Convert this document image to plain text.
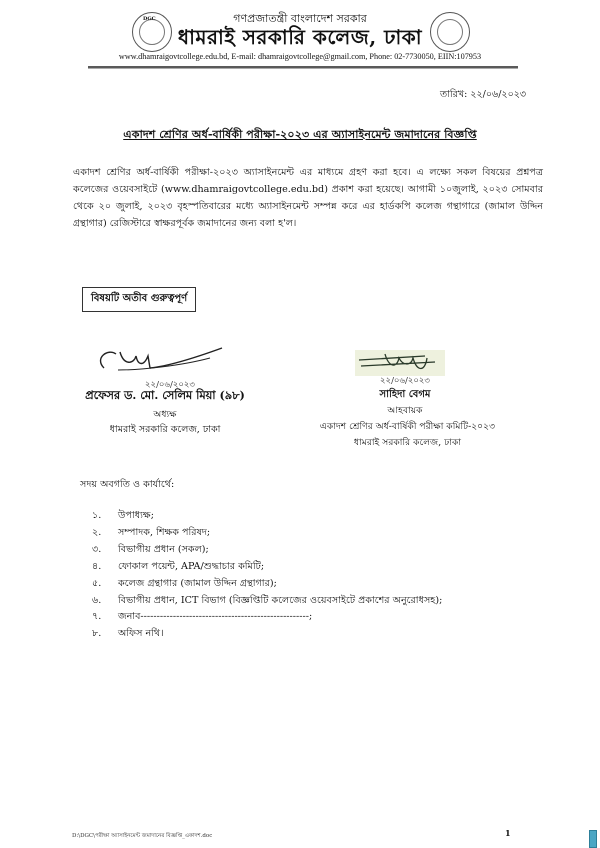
DGC	গণপ্রজাতন্ত্রী বাংলাদেশ সরকার
ধামরাই সরকারি কলেজ, ঢাকা
www.dhamraigovtcollege.edu.bd, E-mail: dhamraigovtcollege@gmail.com, Phone: 02-7730050, EIIN:107953
তারিখ: ২২/০৬/২০২৩
একাদশ শ্রেণির অর্ধ-বার্ষিকী পরীক্ষা-২০২৩ এর অ্যাসাইনমেন্ট জমাদানের বিজ্ঞপ্তি
একাদশ শ্রেণির অর্ধ-বার্ষিকী পরীক্ষা-২০২৩ অ্যাসাইনমেন্ট এর মাধ্যমে গ্রহণ করা হবে। এ লক্ষ্যে সকল বিষয়ের প্রশ্নপত্র কলেজের ওয়েবসাইটে (www.dhamraigovtcollege.edu.bd) প্রকাশ করা হয়েছে। আগামী ১০জুলাই, ২০২৩ সোমবার থেকে ২০ জুলাই, ২০২৩ বৃহস্পতিবারের মধ্যে অ্যাসাইনমেন্ট সম্পন্ন করে এর হার্ডকপি কলেজ গন্থাগারে (জামাল উদ্দিন গ্রন্থাগার) রেজিস্টারে স্বাক্ষরপূর্বক জমাদানের জন্য বলা হ'ল।
বিষয়টি অতীব গুরুত্বপূর্ণ
২২/০৬/২০২৩
প্রফেসর ড. মো. সেলিম মিয়া (৯৮)
অধ্যক্ষ
ধামরাই সরকারি কলেজ, ঢাকা
২২/০৬/২০২৩
সাহিদা বেগম
আহবায়ক
একাদশ শ্রেণির অর্ধ-বার্ষিকী পরীক্ষা কমিটি-২০২৩
ধামরাই সরকারি কলেজ, ঢাকা
সদয় অবগতি ও কার্যার্থে:
১. উপাধ্যক্ষ;
২. সম্পাদক, শিক্ষক পরিষদ;
৩. বিভাগীয় প্রধান (সকল);
৪. ফোকাল পয়েন্ট, APA/শুদ্ধাচার কমিটি;
৫. কলেজ গ্রন্থাগার (জামাল উদ্দিন গ্রন্থাগার);
৬. বিভাগীয় প্রধান, ICT বিভাগ (বিজ্ঞপ্তিটি কলেজের ওয়েবসাইটে প্রকাশের অনুরোধসহ);
৭. জনাব----------------------------------------------------;
৮. অফিস নথি।
D:\DGC\পরীক্ষা অ্যাসাইনমেন্ট জমাদানের বিজ্ঞপ্তি_একাদশ.doc	1
